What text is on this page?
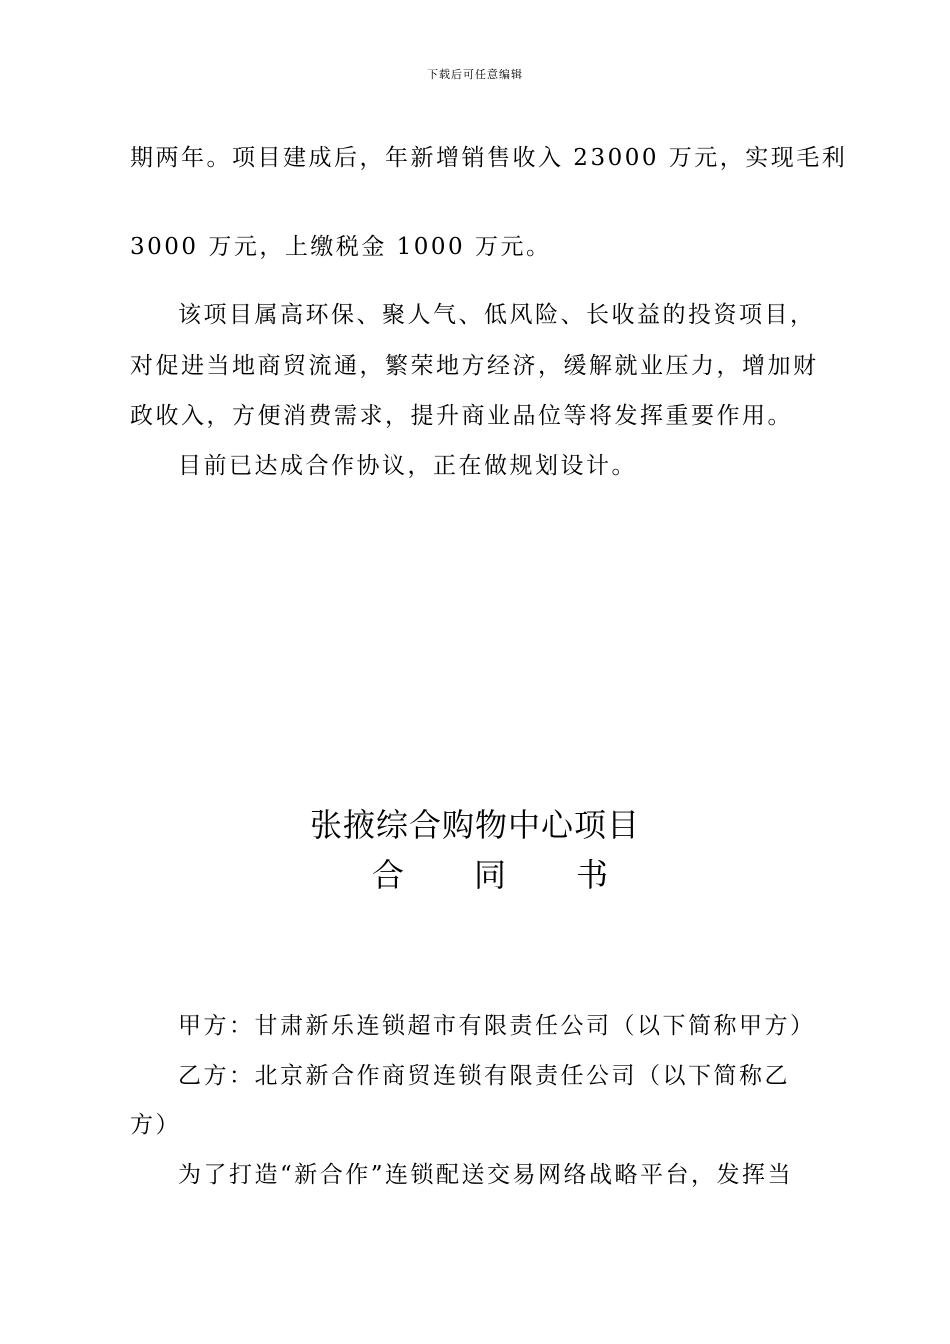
下载后可任意编辑
期两年。项目建成后，年新增销售收入 23000 万元，实现毛利
3000 万元，上缴税金 1000 万元。
该项目属高环保、聚人气、低风险、长收益的投资项目，
对促进当地商贸流通，繁荣地方经济，缓解就业压力，增加财
政收入，方便消费需求，提升商业品位等将发挥重要作用。
目前已达成合作协议，正在做规划设计。
张掖综合购物中心项目
合 同 书
甲方：甘肃新乐连锁超市有限责任公司（以下简称甲方）
乙方：北京新合作商贸连锁有限责任公司（以下简称乙
方）
为了打造“新合作”连锁配送交易网络战略平台，发挥当
